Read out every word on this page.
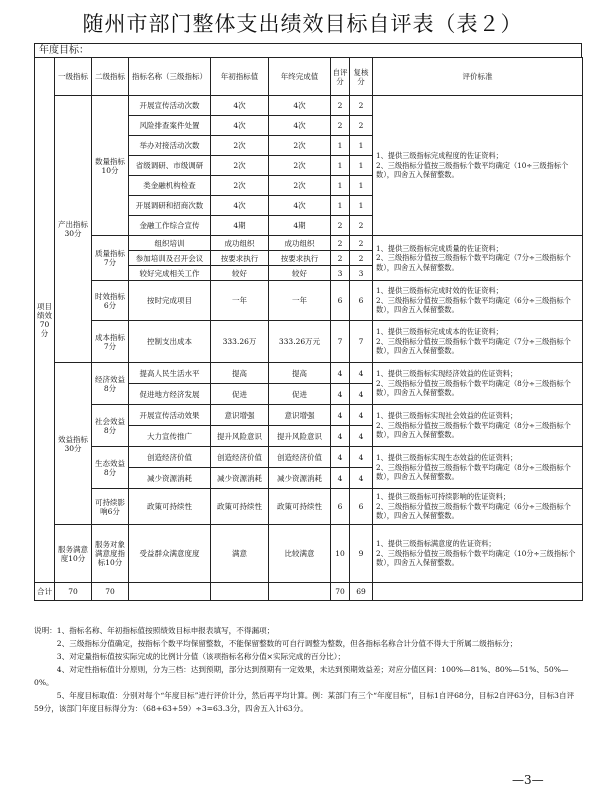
随州市部门整体支出绩效目标自评表（表２）
年度目标：
项目绩效70分	一级指标	二级指标	指标名称（三级指标）	年初指标值	年终完成值	自评分	复核分	评价标准
	产出指标30分	数量指标10分	开展宣传活动次数	4次	4次	2	2	1、提供三级指标完成程度的佐证资料；
2、三级指标分值按三级指标个数平均确定（10÷三级指标个数），四舍五入保留整数。
			风险排查案件处置	4次	4次	2	2	
			举办对接活动次数	2次	2次	1	1	
			省级调研、市级调研	2次	2次	1	1	
			类金融机构检查	2次	2次	1	1	
			开展调研和招商次数	4次	4次	1	1	
			金融工作综合宣传	4期	4期	2	2	
		质量指标7分	组织培训	成功组织	成功组织	2	2	1、提供三级指标完成质量的佐证资料；
2、三级指标分值按三级指标个数平均确定（7分÷三级指标个数），四舍五入保留整数。
			参加培训及召开会议	按要求执行	按要求执行	2	2	
			较好完成相关工作	较好	较好	3	3	
		时效指标6分	按时完成项目	一年	一年	6	6	1、提供三级指标完成时效的佐证资料；
2、三级指标分值按三级指标个数平均确定（6分÷三级指标个数），四舍五入保留整数。
		成本指标7分	控制支出成本	333.26万	333.26万元	7	7	1、提供三级指标完成成本的佐证资料；
2、三级指标分值按三级指标个数平均确定（7分÷三级指标个数），四舍五入保留整数。
	效益指标30分	经济效益8分	提高人民生活水平	提高	提高	4	4	1、提供三级指标实现经济效益的佐证资料；
2、三级指标分值按三级指标个数平均确定（8分÷三级指标个数），四舍五入保留整数。
			促进地方经济发展	促进	促进	4	4	
		社会效益8分	开展宣传活动效果	意识增强	意识增强	4	4	1、提供三级指标实现社会效益的佐证资料；
2、三级指标分值按三级指标个数平均确定（8分÷三级指标个数），四舍五入保留整数。
			大力宣传推广	提升风险意识	提升风险意识	4	4	
		生态效益8分	创造经济价值	创造经济价值	创造经济价值	4	4	1、提供三级指标实现生态效益的佐证资料；
2、三级指标分值按三级指标个数平均确定（8分÷三级指标个数），四舍五入保留整数。
			减少资源消耗	减少资源消耗	减少资源消耗	4	4	
		可持续影响6分	政策可持续性	政策可持续性	政策可持续性	6	6	1、提供三级指标可持续影响的佐证资料；
2、三级指标分值按三级指标个数平均确定（6分÷三级指标个数），四舍五入保留整数。
	服务满意度10分	服务对象满意度指标10分	受益群众满意度度	满意	比较满意	10	9	1、提供三级指标满意度的佐证资料；
2、三级指标分值按三级指标个数平均确定（10分÷三级指标个数），四舍五入保留整数。
合计	70	70				70	69	

说明：1、指标名称、年初指标值按照绩效目标申报表填写，不得漏项；

2、三级指标分值确定，按指标个数平均保留整数，不能保留整数的可自行调整为整数，但各指标名称合计分值不得大于所属二级指标分；

3、对定量指标值按实际完成的比例计分值（该项指标名称分值×实际完成的百分比）；

4、对定性指标值计分原则，分为三档：达到预期，部分达到预期有一定效果，未达到预期效益差；对应分值区间：100%—81%、80%—51%、50%—0%。

5、年度目标取值：分别对每个“年度目标”进行评价计分，然后再平均计算。例：某部门有三个“年度目标”，目标1自评68分，目标2自评63分，目标3自评59分，该部门年度目标得分为：（68+63+59）÷3=63.3分，四舍五入计63分。

—3—
